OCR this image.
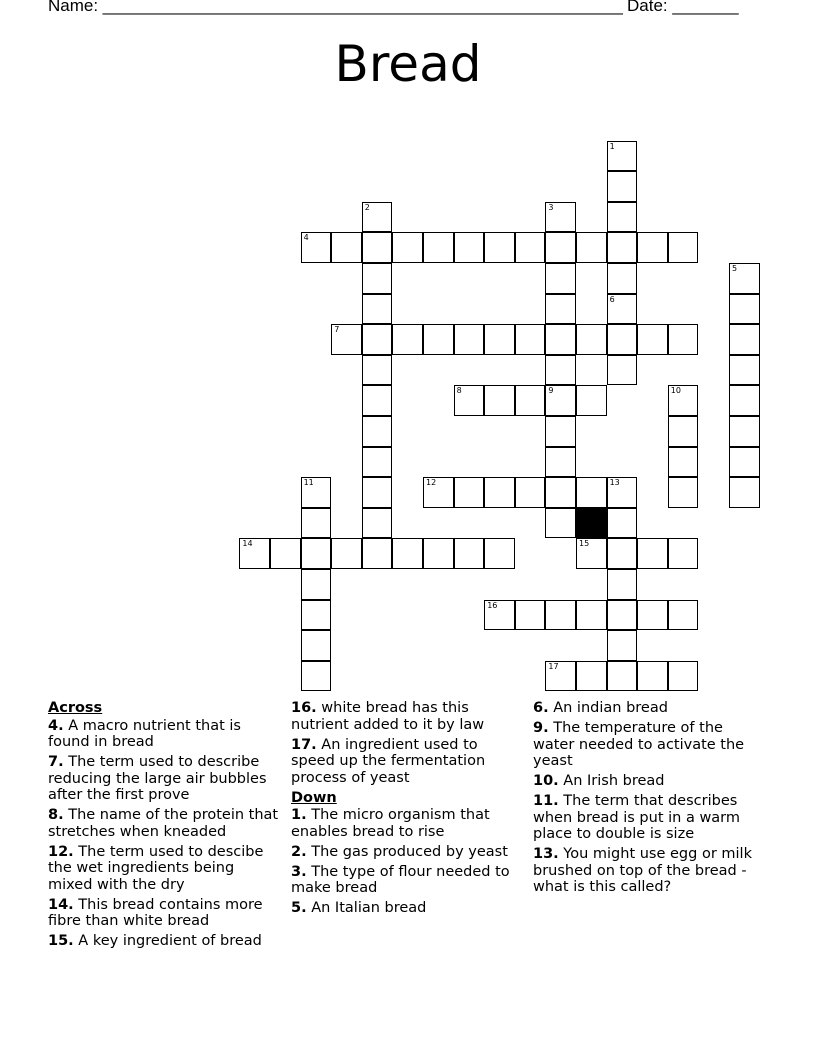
Name: _______________________________________________________ Date: _______
Bread
1
6
2	3
4
5
7
8	9	10
11	12	13
14	15
16
17
Across
4. A macro nutrient that is found in bread
7. The term used to describe reducing the large air bubbles after the first prove
8. The name of the protein that stretches when kneaded
12. The term used to descibe the wet ingredients being mixed with the dry
14. This bread contains more fibre than white bread
15. A key ingredient of bread
16. white bread has this nutrient added to it by law
17. An ingredient used to speed up the fermentation process of yeast
Down
1. The micro organism that enables bread to rise
2. The gas produced by yeast
3. The type of flour needed to make bread
5. An Italian bread
6. An indian bread
9. The temperature of the water needed to activate the yeast
10. An Irish bread
11. The term that describes when bread is put in a warm place to double is size
13. You might use egg or milk brushed on top of the bread - what is this called?
